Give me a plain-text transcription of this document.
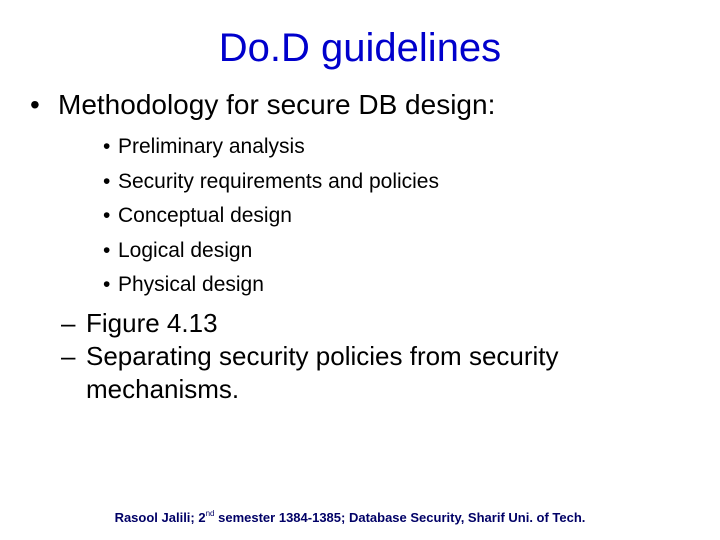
Do.D guidelines
• Methodology for secure DB design:
• Preliminary analysis
• Security requirements and policies
• Conceptual design
• Logical design
• Physical design
– Figure 4.13
– Separating security policies from security mechanisms.
Rasool Jalili; 2nd semester 1384-1385; Database Security, Sharif Uni. of Tech.
